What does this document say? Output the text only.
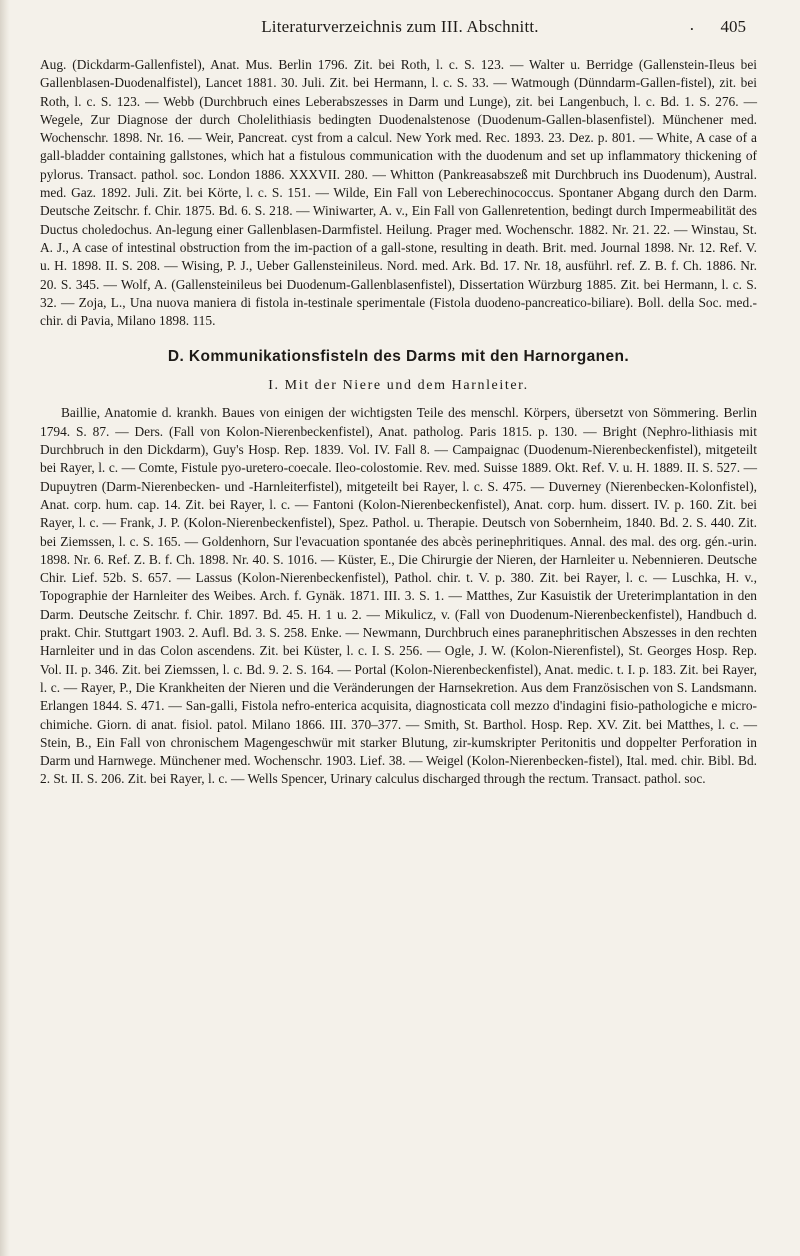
Literaturverzeichnis zum III. Abschnitt.	. 405

Aug. (Dickdarm-Gallenfistel), Anat. Mus. Berlin 1796. Zit. bei Roth, l. c. S. 123. — Walter u. Berridge (Gallenstein-Ileus bei Gallenblasen-Duodenalfistel), Lancet 1881. 30. Juli. Zit. bei Hermann, l. c. S. 33. — Watmough (Dünndarm-Gallen-fistel), zit. bei Roth, l. c. S. 123. — Webb (Durchbruch eines Leberabszesses in Darm und Lunge), zit. bei Langenbuch, l. c. Bd. 1. S. 276. — Wegele, Zur Diagnose der durch Cholelithiasis bedingten Duodenalstenose (Duodenum-Gallen-blasenfistel). Münchener med. Wochenschr. 1898. Nr. 16. — Weir, Pancreat. cyst from a calcul. New York med. Rec. 1893. 23. Dez. p. 801. — White, A case of a gall-bladder containing gallstones, which hat a fistulous communication with the duodenum and set up inflammatory thickening of pylorus. Transact. pathol. soc. London 1886. XXXVII. 280. — Whitton (Pankreasabszeß mit Durchbruch ins Duodenum), Austral. med. Gaz. 1892. Juli. Zit. bei Körte, l. c. S. 151. — Wilde, Ein Fall von Leberechinococcus. Spontaner Abgang durch den Darm. Deutsche Zeitschr. f. Chir. 1875. Bd. 6. S. 218. — Winiwarter, A. v., Ein Fall von Gallenretention, bedingt durch Impermeabilität des Ductus choledochus. An-legung einer Gallenblasen-Darmfistel. Heilung. Prager med. Wochenschr. 1882. Nr. 21. 22. — Winstau, St. A. J., A case of intestinal obstruction from the im-paction of a gall-stone, resulting in death. Brit. med. Journal 1898. Nr. 12. Ref. V. u. H. 1898. II. S. 208. — Wising, P. J., Ueber Gallensteinileus. Nord. med. Ark. Bd. 17. Nr. 18, ausführl. ref. Z. B. f. Ch. 1886. Nr. 20. S. 345. — Wolf, A. (Gallensteinileus bei Duodenum-Gallenblasenfistel), Dissertation Würzburg 1885. Zit. bei Hermann, l. c. S. 32. — Zoja, L., Una nuova maniera di fistola in-testinale sperimentale (Fistola duodeno-pancreatico-biliare). Boll. della Soc. med.-chir. di Pavia, Milano 1898. 115.

D. Kommunikationsfisteln des Darms mit den Harnorganen.
I. Mit der Niere und dem Harnleiter.

Baillie, Anatomie d. krankh. Baues von einigen der wichtigsten Teile des menschl. Körpers, übersetzt von Sömmering. Berlin 1794. S. 87. — Ders. (Fall von Kolon-Nierenbeckenfistel), Anat. patholog. Paris 1815. p. 130. — Bright (Nephro-lithiasis mit Durchbruch in den Dickdarm), Guy's Hosp. Rep. 1839. Vol. IV. Fall 8. — Campaignac (Duodenum-Nierenbeckenfistel), mitgeteilt bei Rayer, l. c. — Comte, Fistule pyo-uretero-coecale. Ileo-colostomie. Rev. med. Suisse 1889. Okt. Ref. V. u. H. 1889. II. S. 527. — Dupuytren (Darm-Nierenbecken- und -Harnleiterfistel), mitgeteilt bei Rayer, l. c. S. 475. — Duverney (Nierenbecken-Kolonfistel), Anat. corp. hum. cap. 14. Zit. bei Rayer, l. c. — Fantoni (Kolon-Nierenbeckenfistel), Anat. corp. hum. dissert. IV. p. 160. Zit. bei Rayer, l. c. — Frank, J. P. (Kolon-Nierenbeckenfistel), Spez. Pathol. u. Therapie. Deutsch von Sobernheim, 1840. Bd. 2. S. 440. Zit. bei Ziemssen, l. c. S. 165. — Goldenhorn, Sur l'evacuation spontanée des abcès perinephritiques. Annal. des mal. des org. gén.-urin. 1898. Nr. 6. Ref. Z. B. f. Ch. 1898. Nr. 40. S. 1016. — Küster, E., Die Chirurgie der Nieren, der Harnleiter u. Nebennieren. Deutsche Chir. Lief. 52b. S. 657. — Lassus (Kolon-Nierenbeckenfistel), Pathol. chir. t. V. p. 380. Zit. bei Rayer, l. c. — Luschka, H. v., Topographie der Harnleiter des Weibes. Arch. f. Gynäk. 1871. III. 3. S. 1. — Matthes, Zur Kasuistik der Ureterimplantation in den Darm. Deutsche Zeitschr. f. Chir. 1897. Bd. 45. H. 1 u. 2. — Mikulicz, v. (Fall von Duodenum-Nierenbeckenfistel), Handbuch d. prakt. Chir. Stuttgart 1903. 2. Aufl. Bd. 3. S. 258. Enke. — Newmann, Durchbruch eines paranephritischen Abszesses in den rechten Harnleiter und in das Colon ascendens. Zit. bei Küster, l. c. I. S. 256. — Ogle, J. W. (Kolon-Nierenfistel), St. Georges Hosp. Rep. Vol. II. p. 346. Zit. bei Ziemssen, l. c. Bd. 9. 2. S. 164. — Portal (Kolon-Nierenbeckenfistel), Anat. medic. t. I. p. 183. Zit. bei Rayer, l. c. — Rayer, P., Die Krankheiten der Nieren und die Veränderungen der Harnsekretion. Aus dem Französischen von S. Landsmann. Erlangen 1844. S. 471. — San-galli, Fistola nefro-enterica acquisita, diagnosticata coll mezzo d'indagini fisio-pathologiche e micro-chimiche. Giorn. di anat. fisiol. patol. Milano 1866. III. 370–377. — Smith, St. Barthol. Hosp. Rep. XV. Zit. bei Matthes, l. c. — Stein, B., Ein Fall von chronischem Magengeschwür mit starker Blutung, zir-kumskripter Peritonitis und doppelter Perforation in Darm und Harnwege. Münchener med. Wochenschr. 1903. Lief. 38. — Weigel (Kolon-Nierenbecken-fistel), Ital. med. chir. Bibl. Bd. 2. St. II. S. 206. Zit. bei Rayer, l. c. — Wells Spencer, Urinary calculus discharged through the rectum. Transact. pathol. soc.
